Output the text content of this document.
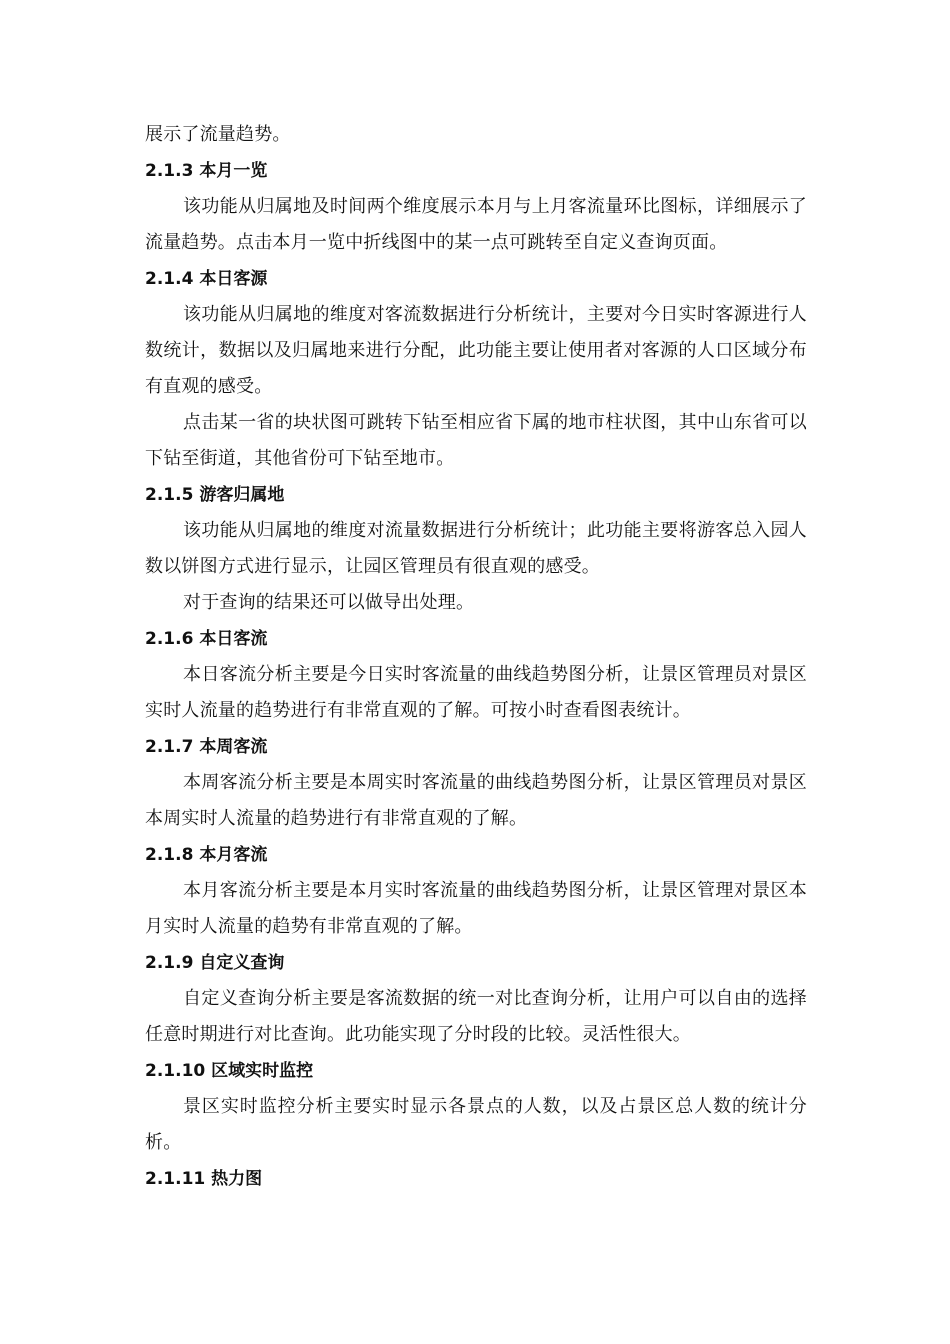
展示了流量趋势。

2.1.3 本月一览

该功能从归属地及时间两个维度展示本月与上月客流量环比图标，详细展示了流量趋势。点击本月一览中折线图中的某一点可跳转至自定义查询页面。

2.1.4 本日客源

该功能从归属地的维度对客流数据进行分析统计，主要对今日实时客源进行人数统计，数据以及归属地来进行分配，此功能主要让使用者对客源的人口区域分布有直观的感受。

点击某一省的块状图可跳转下钻至相应省下属的地市柱状图，其中山东省可以下钻至街道，其他省份可下钻至地市。

2.1.5 游客归属地

该功能从归属地的维度对流量数据进行分析统计；此功能主要将游客总入园人数以饼图方式进行显示，让园区管理员有很直观的感受。

对于查询的结果还可以做导出处理。

2.1.6 本日客流

本日客流分析主要是今日实时客流量的曲线趋势图分析，让景区管理员对景区实时人流量的趋势进行有非常直观的了解。可按小时查看图表统计。

2.1.7 本周客流

本周客流分析主要是本周实时客流量的曲线趋势图分析，让景区管理员对景区本周实时人流量的趋势进行有非常直观的了解。

2.1.8 本月客流

本月客流分析主要是本月实时客流量的曲线趋势图分析，让景区管理对景区本月实时人流量的趋势有非常直观的了解。

2.1.9 自定义查询

自定义查询分析主要是客流数据的统一对比查询分析，让用户可以自由的选择任意时期进行对比查询。此功能实现了分时段的比较。灵活性很大。

2.1.10 区域实时监控

景区实时监控分析主要实时显示各景点的人数，以及占景区总人数的统计分析。

2.1.11 热力图
